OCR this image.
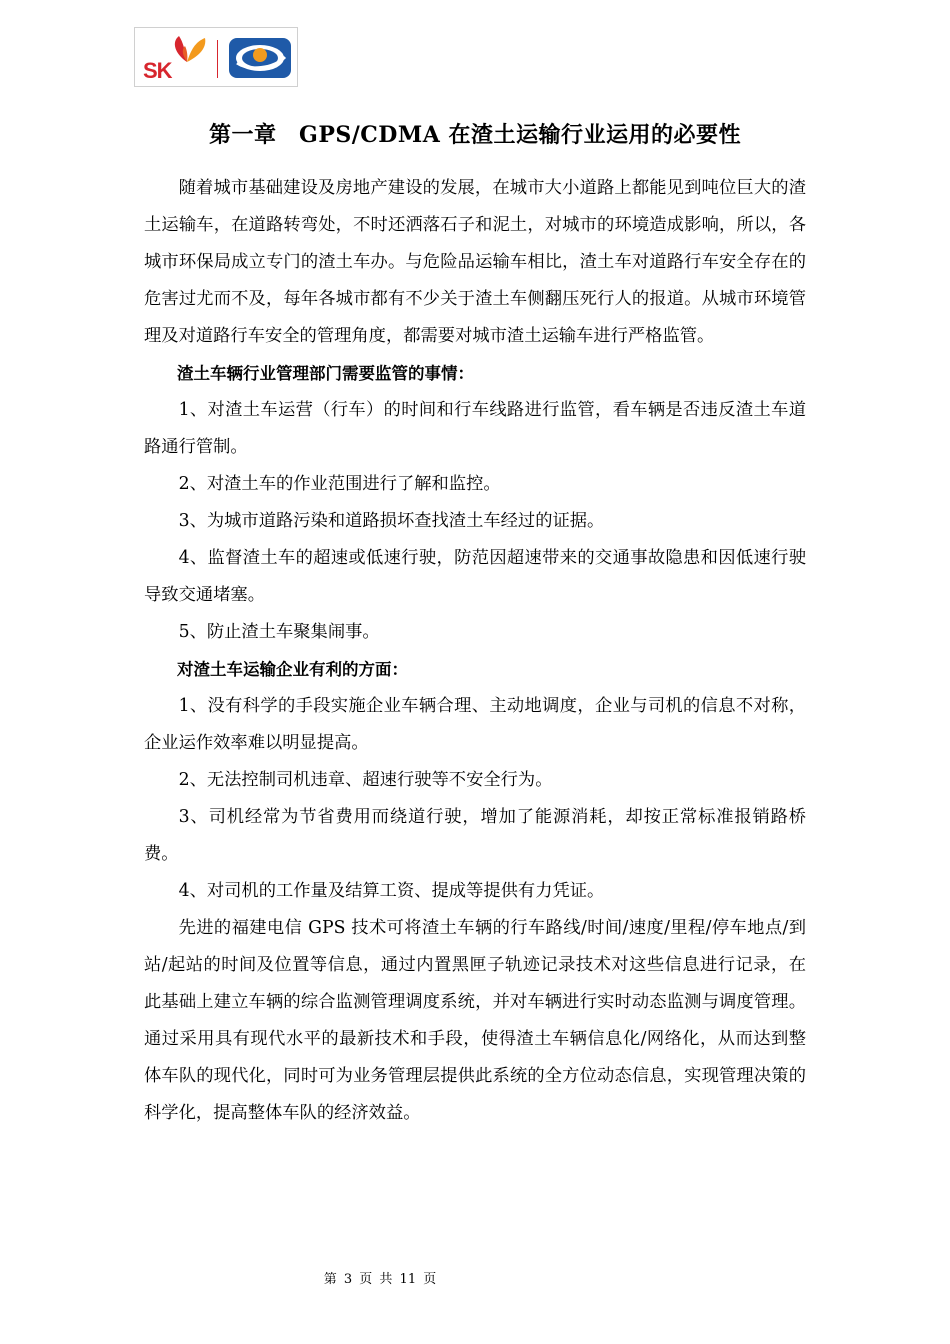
SK
第一章　GPS/CDMA 在渣土运输行业运用的必要性

随着城市基础建设及房地产建设的发展，在城市大小道路上都能见到吨位巨大的渣土运输车，在道路转弯处，不时还洒落石子和泥土，对城市的环境造成影响，所以，各城市环保局成立专门的渣土车办。与危险品运输车相比，渣土车对道路行车安全存在的危害过尤而不及，每年各城市都有不少关于渣土车侧翻压死行人的报道。从城市环境管理及对道路行车安全的管理角度，都需要对城市渣土运输车进行严格监管。

渣土车辆行业管理部门需要监管的事情：

1、对渣土车运营（行车）的时间和行车线路进行监管，看车辆是否违反渣土车道路通行管制。

2、对渣土车的作业范围进行了解和监控。

3、为城市道路污染和道路损坏查找渣土车经过的证据。

4、监督渣土车的超速或低速行驶，防范因超速带来的交通事故隐患和因低速行驶导致交通堵塞。

5、防止渣土车聚集闹事。

对渣土车运输企业有利的方面：

1、没有科学的手段实施企业车辆合理、主动地调度，企业与司机的信息不对称，企业运作效率难以明显提高。

2、无法控制司机违章、超速行驶等不安全行为。

3、司机经常为节省费用而绕道行驶，增加了能源消耗，却按正常标准报销路桥费。

4、对司机的工作量及结算工资、提成等提供有力凭证。

先进的福建电信 GPS 技术可将渣土车辆的行车路线/时间/速度/里程/停车地点/到站/起站的时间及位置等信息，通过内置黑匣子轨迹记录技术对这些信息进行记录，在此基础上建立车辆的综合监测管理调度系统，并对车辆进行实时动态监测与调度管理。通过采用具有现代水平的最新技术和手段，使得渣土车辆信息化/网络化，从而达到整体车队的现代化，同时可为业务管理层提供此系统的全方位动态信息，实现管理决策的科学化，提高整体车队的经济效益。

第 3 页 共 11 页
